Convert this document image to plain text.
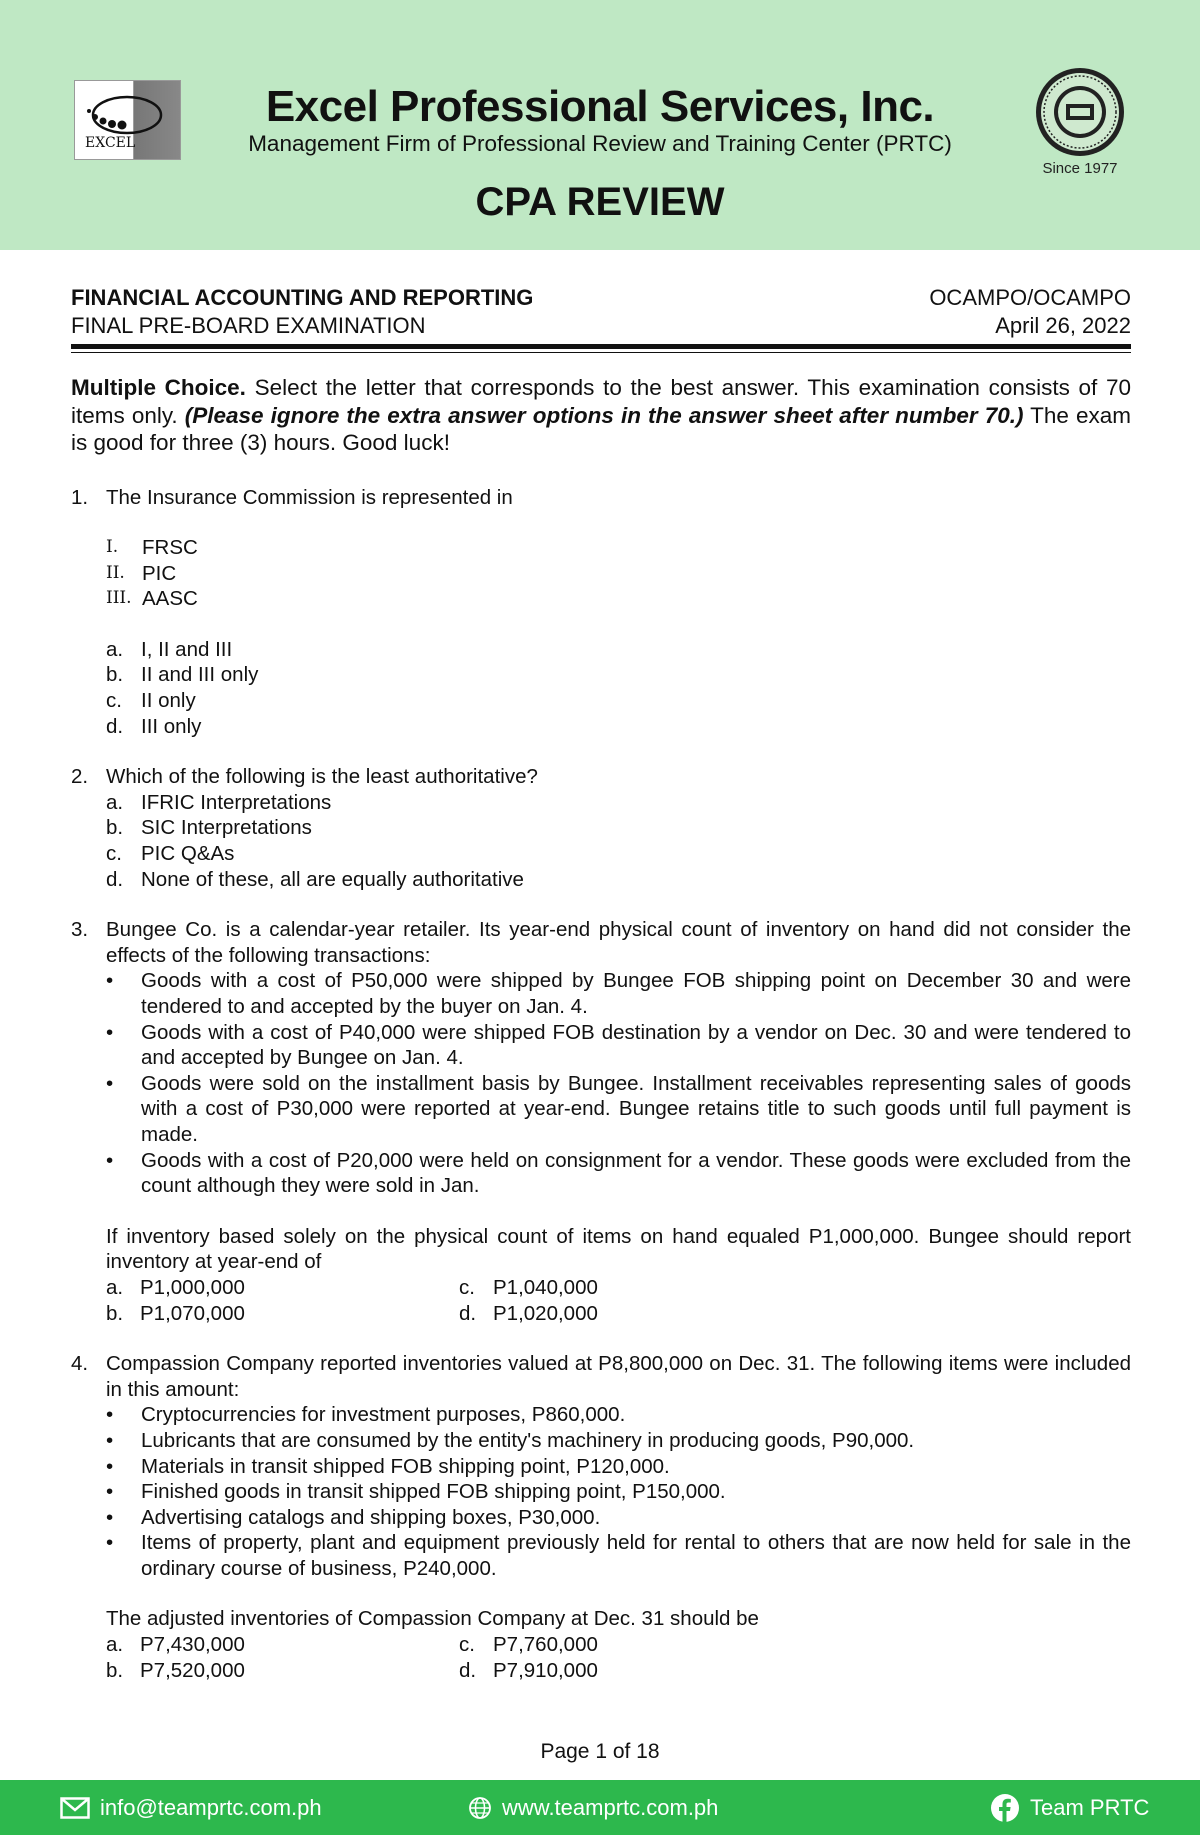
EXCEL
Excel Professional Services, Inc.
Management Firm of Professional Review and Training Center (PRTC)
CPA REVIEW
Since 1977
FINANCIAL ACCOUNTING AND REPORTING	OCAMPO/OCAMPO
FINAL PRE-BOARD EXAMINATION	April 26, 2022

Multiple Choice. Select the letter that corresponds to the best answer. This examination consists of 70 items only. (Please ignore the extra answer options in the answer sheet after number 70.) The exam is good for three (3) hours. Good luck!

1. The Insurance Commission is represented in
I.	FRSC
II. PIC
III. AASC
a. I, II and III
b. II and III only
c. II only
d. III only
2. Which of the following is the least authoritative?
a. IFRIC Interpretations
b. SIC Interpretations
c. PIC Q&As
d. None of these, all are equally authoritative
3. Bungee Co. is a calendar-year retailer. Its year-end physical count of inventory on hand did not consider the effects of the following transactions:
• Goods with a cost of P50,000 were shipped by Bungee FOB shipping point on December 30 and were tendered to and accepted by the buyer on Jan. 4.
• Goods with a cost of P40,000 were shipped FOB destination by a vendor on Dec. 30 and were tendered to and accepted by Bungee on Jan. 4.
• Goods were sold on the installment basis by Bungee. Installment receivables representing sales of goods with a cost of P30,000 were reported at year-end. Bungee retains title to such goods until full payment is made.
• Goods with a cost of P20,000 were held on consignment for a vendor. These goods were excluded from the count although they were sold in Jan.
If inventory based solely on the physical count of items on hand equaled P1,000,000. Bungee should report inventory at year-end of
a. P1,000,000	c. P1,040,000
b. P1,070,000	d. P1,020,000
4. Compassion Company reported inventories valued at P8,800,000 on Dec. 31. The following items were included in this amount:
• Cryptocurrencies for investment purposes, P860,000.
• Lubricants that are consumed by the entity's machinery in producing goods, P90,000.
• Materials in transit shipped FOB shipping point, P120,000.
• Finished goods in transit shipped FOB shipping point, P150,000.
• Advertising catalogs and shipping boxes, P30,000.
• Items of property, plant and equipment previously held for rental to others that are now held for sale in the ordinary course of business, P240,000.
The adjusted inventories of Compassion Company at Dec. 31 should be
a. P7,430,000	c. P7,760,000
b. P7,520,000	d. P7,910,000
Page 1 of 18
info@teamprtc.com.ph	www.teamprtc.com.ph	Team PRTC
